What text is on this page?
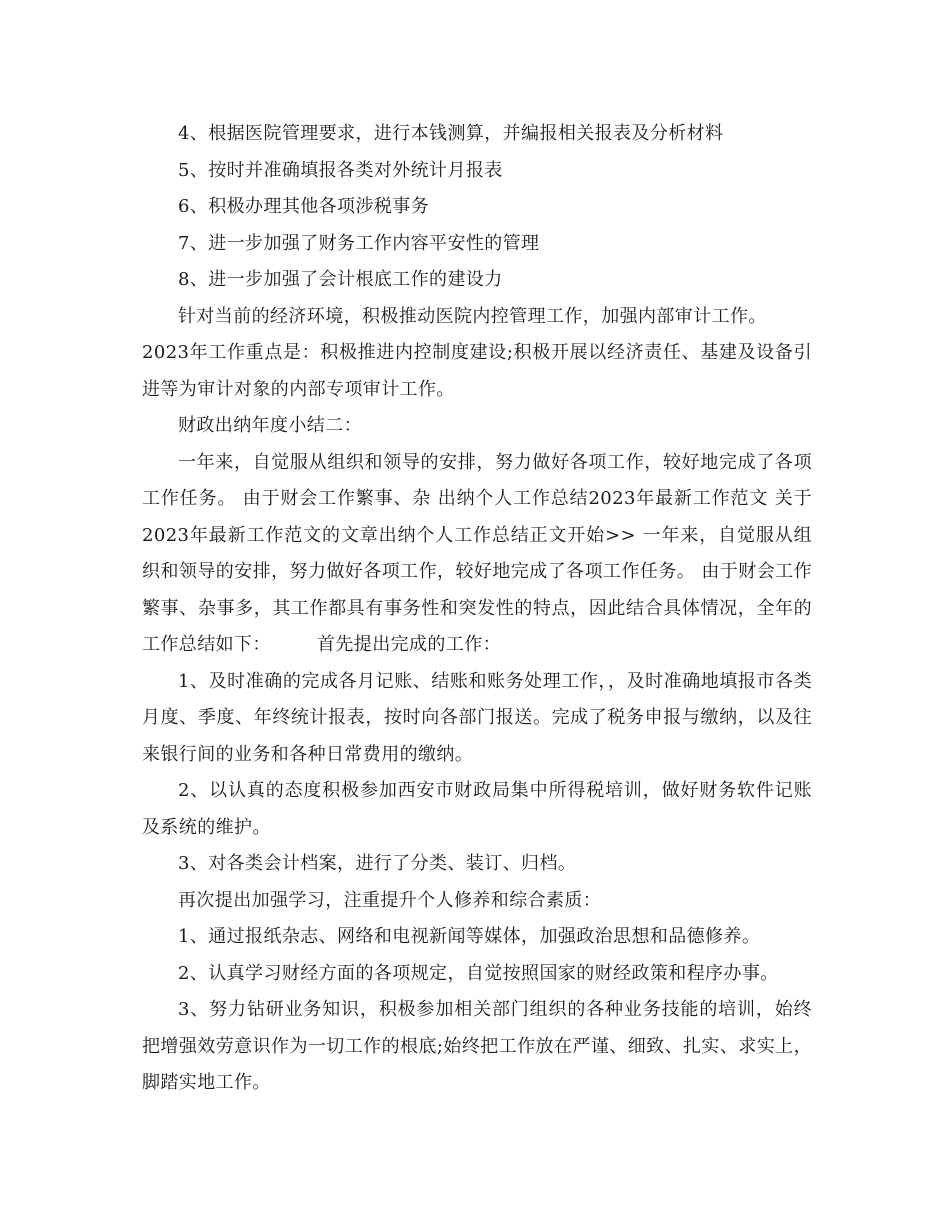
4、根据医院管理要求，进行本钱测算，并编报相关报表及分析材料

5、按时并准确填报各类对外统计月报表

6、积极办理其他各项涉税事务

7、进一步加强了财务工作内容平安性的管理

8、进一步加强了会计根底工作的建设力

针对当前的经济环境，积极推动医院内控管理工作，加强内部审计工作。

2023年工作重点是：积极推进内控制度建设;积极开展以经济责任、基建及设备引进等为审计对象的内部专项审计工作。

财政出纳年度小结二：

一年来，自觉服从组织和领导的安排，努力做好各项工作，较好地完成了各项工作任务。 由于财会工作繁事、杂 出纳个人工作总结2023年最新工作范文 关于2023年最新工作范文的文章出纳个人工作总结正文开始>> 一年来，自觉服从组织和领导的安排，努力做好各项工作，较好地完成了各项工作任务。 由于财会工作繁事、杂事多，其工作都具有事务性和突发性的特点，因此结合具体情况，全年的工作总结如下：　　　首先提出完成的工作：

1、及时准确的完成各月记账、结账和账务处理工作，，及时准确地填报市各类月度、季度、年终统计报表，按时向各部门报送。完成了税务申报与缴纳，以及往来银行间的业务和各种日常费用的缴纳。

2、以认真的态度积极参加西安市财政局集中所得税培训，做好财务软件记账及系统的维护。

3、对各类会计档案，进行了分类、装订、归档。

再次提出加强学习，注重提升个人修养和综合素质：

1、通过报纸杂志、网络和电视新闻等媒体，加强政治思想和品德修养。

2、认真学习财经方面的各项规定，自觉按照国家的财经政策和程序办事。

3、努力钻研业务知识，积极参加相关部门组织的各种业务技能的培训，始终把增强效劳意识作为一切工作的根底;始终把工作放在严谨、细致、扎实、求实上，脚踏实地工作。
